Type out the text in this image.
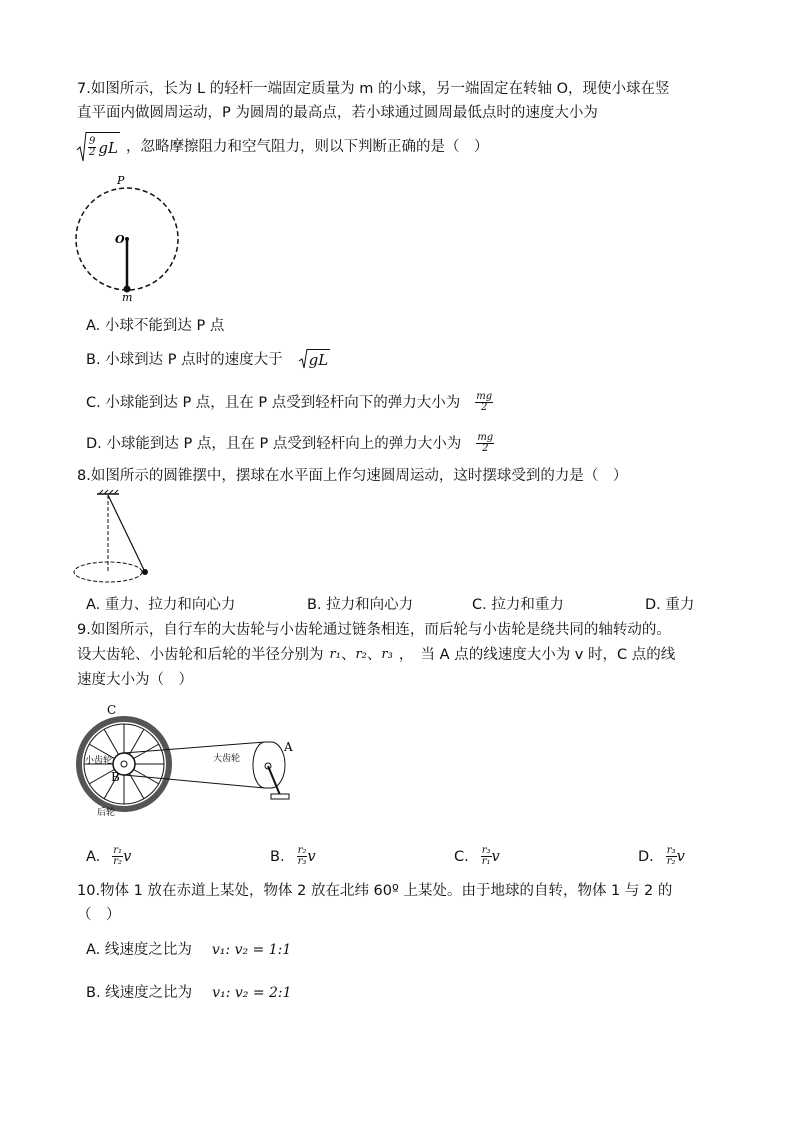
7.如图所示，长为 L 的轻杆一端固定质量为 m 的小球，另一端固定在转轴 O，现使小球在竖
直平面内做圆周运动，P 为圆周的最高点，若小球通过圆周最低点时的速度大小为
$\frac{9}{2}$ gL ，忽略摩擦阻力和空气阻力，则以下判断正确的是（　）
P
O
m
A. 小球不能到达 P 点
B. 小球到达 P 点时的速度大于 gL
C. 小球能到达 P 点，且在 P 点受到轻杆向下的弹力大小为 $\frac{mg}{2}$
D. 小球能到达 P 点，且在 P 点受到轻杆向上的弹力大小为 $\frac{mg}{2}$
8.如图所示的圆锥摆中，摆球在水平面上作匀速圆周运动，这时摆球受到的力是（　）
A. 重力、拉力和向心力	B. 拉力和向心力	C. 拉力和重力	D. 重力
9.如图所示，自行车的大齿轮与小齿轮通过链条相连，而后轮与小齿轮是绕共同的轴转动的。
设大齿轮、小齿轮和后轮的半径分别为 r₁ 、 r₂ 、 r₃ ，　当 A 点的线速度大小为 v 时，C 点的线
速度大小为（　）
C
A
B
小齿轮	大齿轮
后轮
A. $\frac{\text{r₁}}{\text{r₂}}$ v	B. $\frac{\text{r₂}}{\text{r₃}}$ v	C. $\frac{\text{r₃}}{\text{r₁}}$ v	D. $\frac{\text{r₃}}{\text{r₂}}$ v
10.物体 1 放在赤道上某处，物体 2 放在北纬 60º 上某处。由于地球的自转，物体 1 与 2 的
（　）
A. 线速度之比为 v₁: v₂ = 1:1
B. 线速度之比为 v₁: v₂ = 2:1
